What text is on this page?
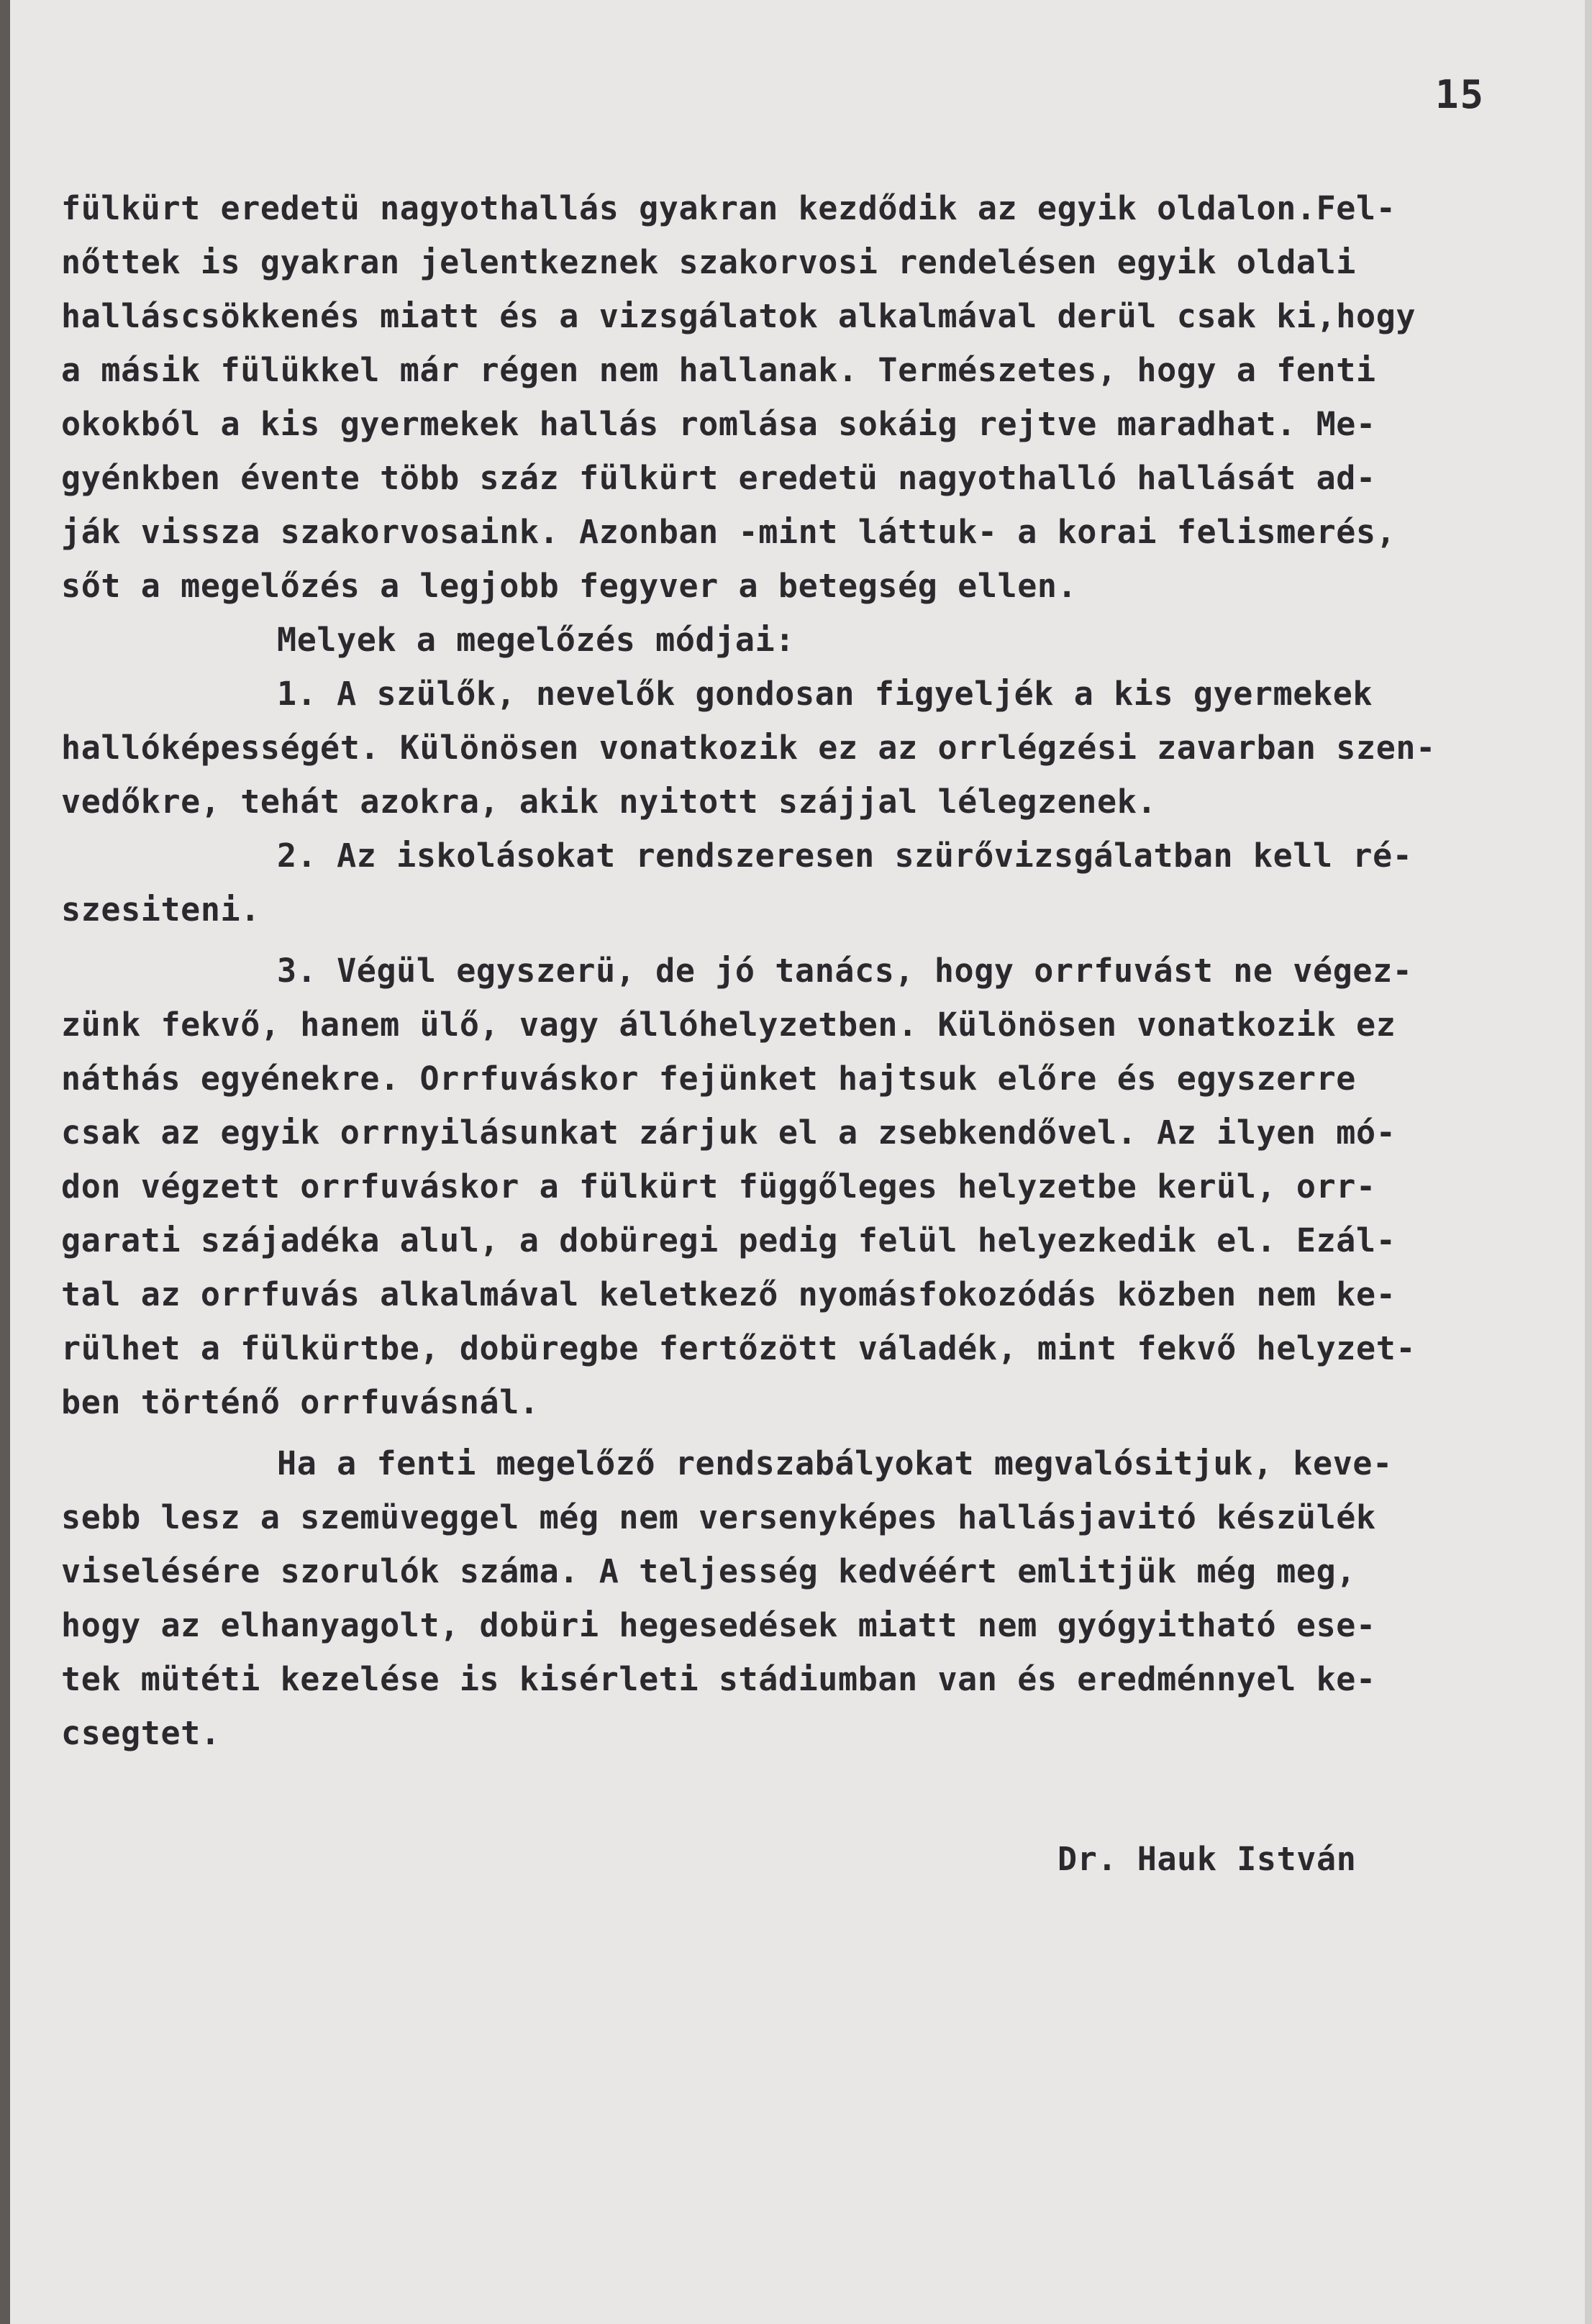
15
fülkürt eredetü nagyothallás gyakran kezdődik az egyik oldalon.Fel-
nőttek is gyakran jelentkeznek szakorvosi rendelésen egyik oldali
halláscsökkenés miatt és a vizsgálatok alkalmával derül csak ki,hogy
a másik fülükkel már régen nem hallanak. Természetes, hogy a fenti
okokból a kis gyermekek hallás romlása sokáig rejtve maradhat. Me-
gyénkben évente több száz fülkürt eredetü nagyothalló hallását ad-
ják vissza szakorvosaink. Azonban -mint láttuk- a korai felismerés,
sőt a megelőzés a legjobb fegyver a betegség ellen.
Melyek a megelőzés módjai:
1. A szülők, nevelők gondosan figyeljék a kis gyermekek
hallóképességét. Különösen vonatkozik ez az orrlégzési zavarban szen-
vedőkre, tehát azokra, akik nyitott szájjal lélegzenek.
2. Az iskolásokat rendszeresen szürővizsgálatban kell ré-
szesiteni.
3. Végül egyszerü, de jó tanács, hogy orrfuvást ne végez-
zünk fekvő, hanem ülő, vagy állóhelyzetben. Különösen vonatkozik ez
náthás egyénekre. Orrfuváskor fejünket hajtsuk előre és egyszerre
csak az egyik orrnyilásunkat zárjuk el a zsebkendővel. Az ilyen mó-
don végzett orrfuváskor a fülkürt függőleges helyzetbe kerül, orr-
garati szájadéka alul, a dobüregi pedig felül helyezkedik el. Ezál-
tal az orrfuvás alkalmával keletkező nyomásfokozódás közben nem ke-
rülhet a fülkürtbe, dobüregbe fertőzött váladék, mint fekvő helyzet-
ben történő orrfuvásnál.
Ha a fenti megelőző rendszabályokat megvalósitjuk, keve-
sebb lesz a szemüveggel még nem versenyképes hallásjavitó készülék
viselésére szorulók száma. A teljesség kedvéért emlitjük még meg,
hogy az elhanyagolt, dobüri hegesedések miatt nem gyógyitható ese-
tek mütéti kezelése is kisérleti stádiumban van és eredménnyel ke-
csegtet.
Dr. Hauk István
